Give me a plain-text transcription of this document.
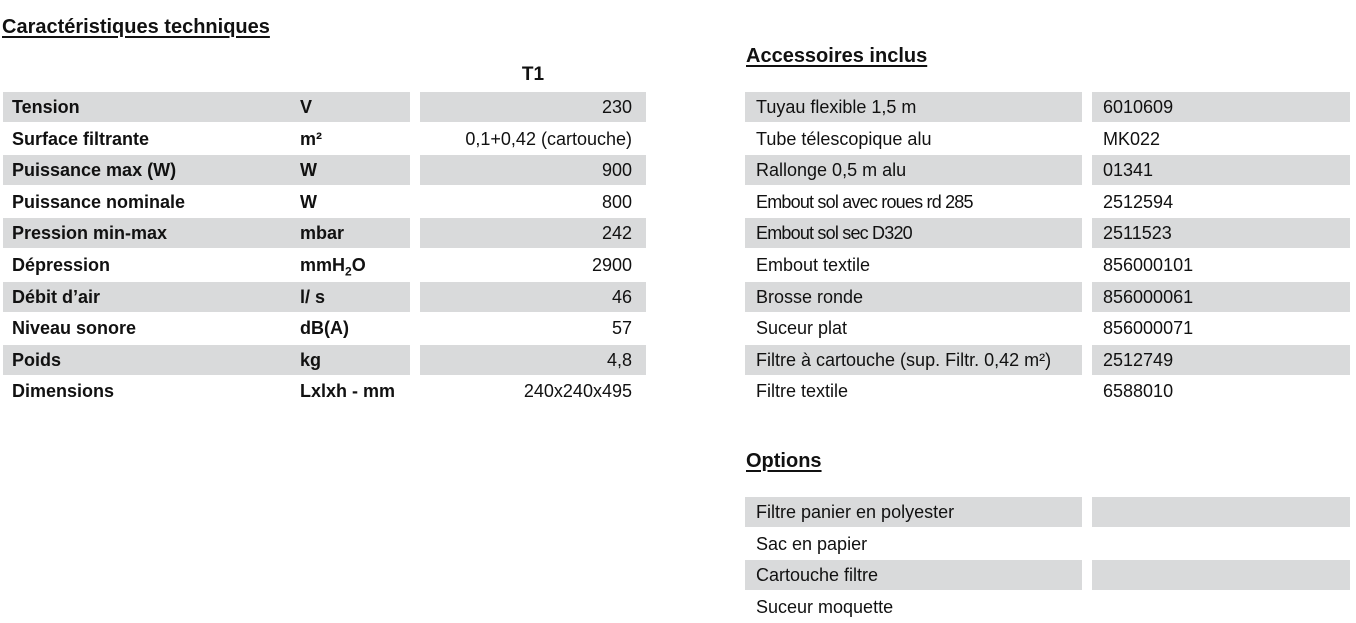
Caractéristiques techniques
T1
Tension	V	230
Surface filtrante	m²	0,1+0,42 (cartouche)
Puissance max (W)	W	900
Puissance nominale	W	800
Pression min-max	mbar	242
Dépression	mmH$_2$O	2900
Débit d’air	l/ s	46
Niveau sonore	dB(A)	57
Poids	kg	4,8
Dimensions	Lxlxh - mm	240x240x495
Accessoires inclus
Tuyau flexible 1,5 m	6010609
Tube télescopique alu	MK022
Rallonge 0,5 m alu	01341
Embout sol avec roues rd 285	2512594
Embout sol sec D320	2511523
Embout textile	856000101
Brosse ronde	856000061
Suceur plat	856000071
Filtre à cartouche (sup. Filtr. 0,42 m²)	2512749
Filtre textile	6588010
Options
Filtre panier en polyester
Sac en papier
Cartouche filtre
Suceur moquette
